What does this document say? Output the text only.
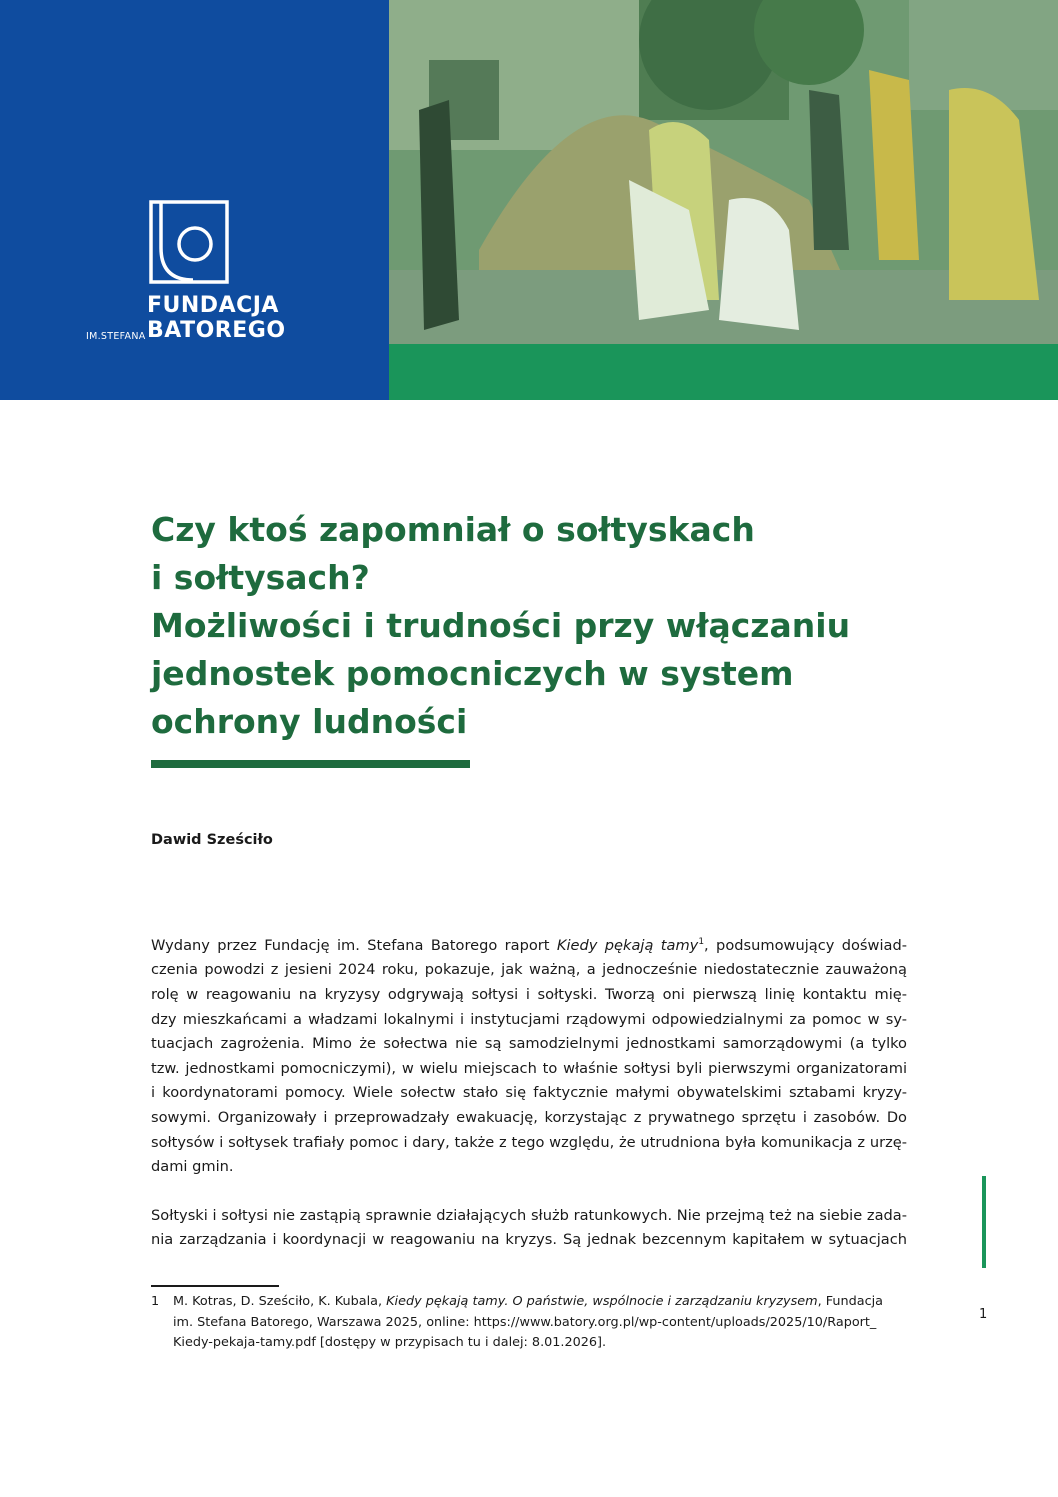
IM.STEFANA
FUNDACJA
BATOREGO
Czy ktoś zapomniał o sołtyskach
i sołtysach?
Możliwości i trudności przy włączaniu
jednostek pomocniczych w system
ochrony ludności
Dawid Sześciło
Wydany przez Fundację im. Stefana Batorego raport Kiedy pękają tamy$^1$, podsumowujący doświad-
czenia powodzi z jesieni 2024 roku, pokazuje, jak ważną, a jednocześnie niedostatecznie zauważoną
rolę w reagowaniu na kryzysy odgrywają sołtysi i sołtyski. Tworzą oni pierwszą linię kontaktu mię-
dzy mieszkańcami a władzami lokalnymi i instytucjami rządowymi odpowiedzialnymi za pomoc w sy-
tuacjach zagrożenia. Mimo że sołectwa nie są samodzielnymi jednostkami samorządowymi (a tylko
tzw. jednostkami pomocniczymi), w wielu miejscach to właśnie sołtysi byli pierwszymi organizatorami
i koordynatorami pomocy. Wiele sołectw stało się faktycznie małymi obywatelskimi sztabami kryzy-
sowymi. Organizowały i przeprowadzały ewakuację, korzystając z prywatnego sprzętu i zasobów. Do
sołtysów i sołtysek trafiały pomoc i dary, także z tego względu, że utrudniona była komunikacja z urzę-
dami gmin.
Sołtyski i sołtysi nie zastąpią sprawnie działających służb ratunkowych. Nie przejmą też na siebie zada-
nia zarządzania i koordynacji w reagowaniu na kryzys. Są jednak bezcennym kapitałem w sytuacjach
1 M. Kotras, D. Sześciło, K. Kubala, Kiedy pękają tamy. O państwie, wspólnocie i zarządzaniu kryzysem, Fundacja
im. Stefana Batorego, Warszawa 2025, online: https://www.batory.org.pl/wp-content/uploads/2025/10/Raport_
Kiedy-pekaja-tamy.pdf [dostępy w przypisach tu i dalej: 8.01.2026].
1
